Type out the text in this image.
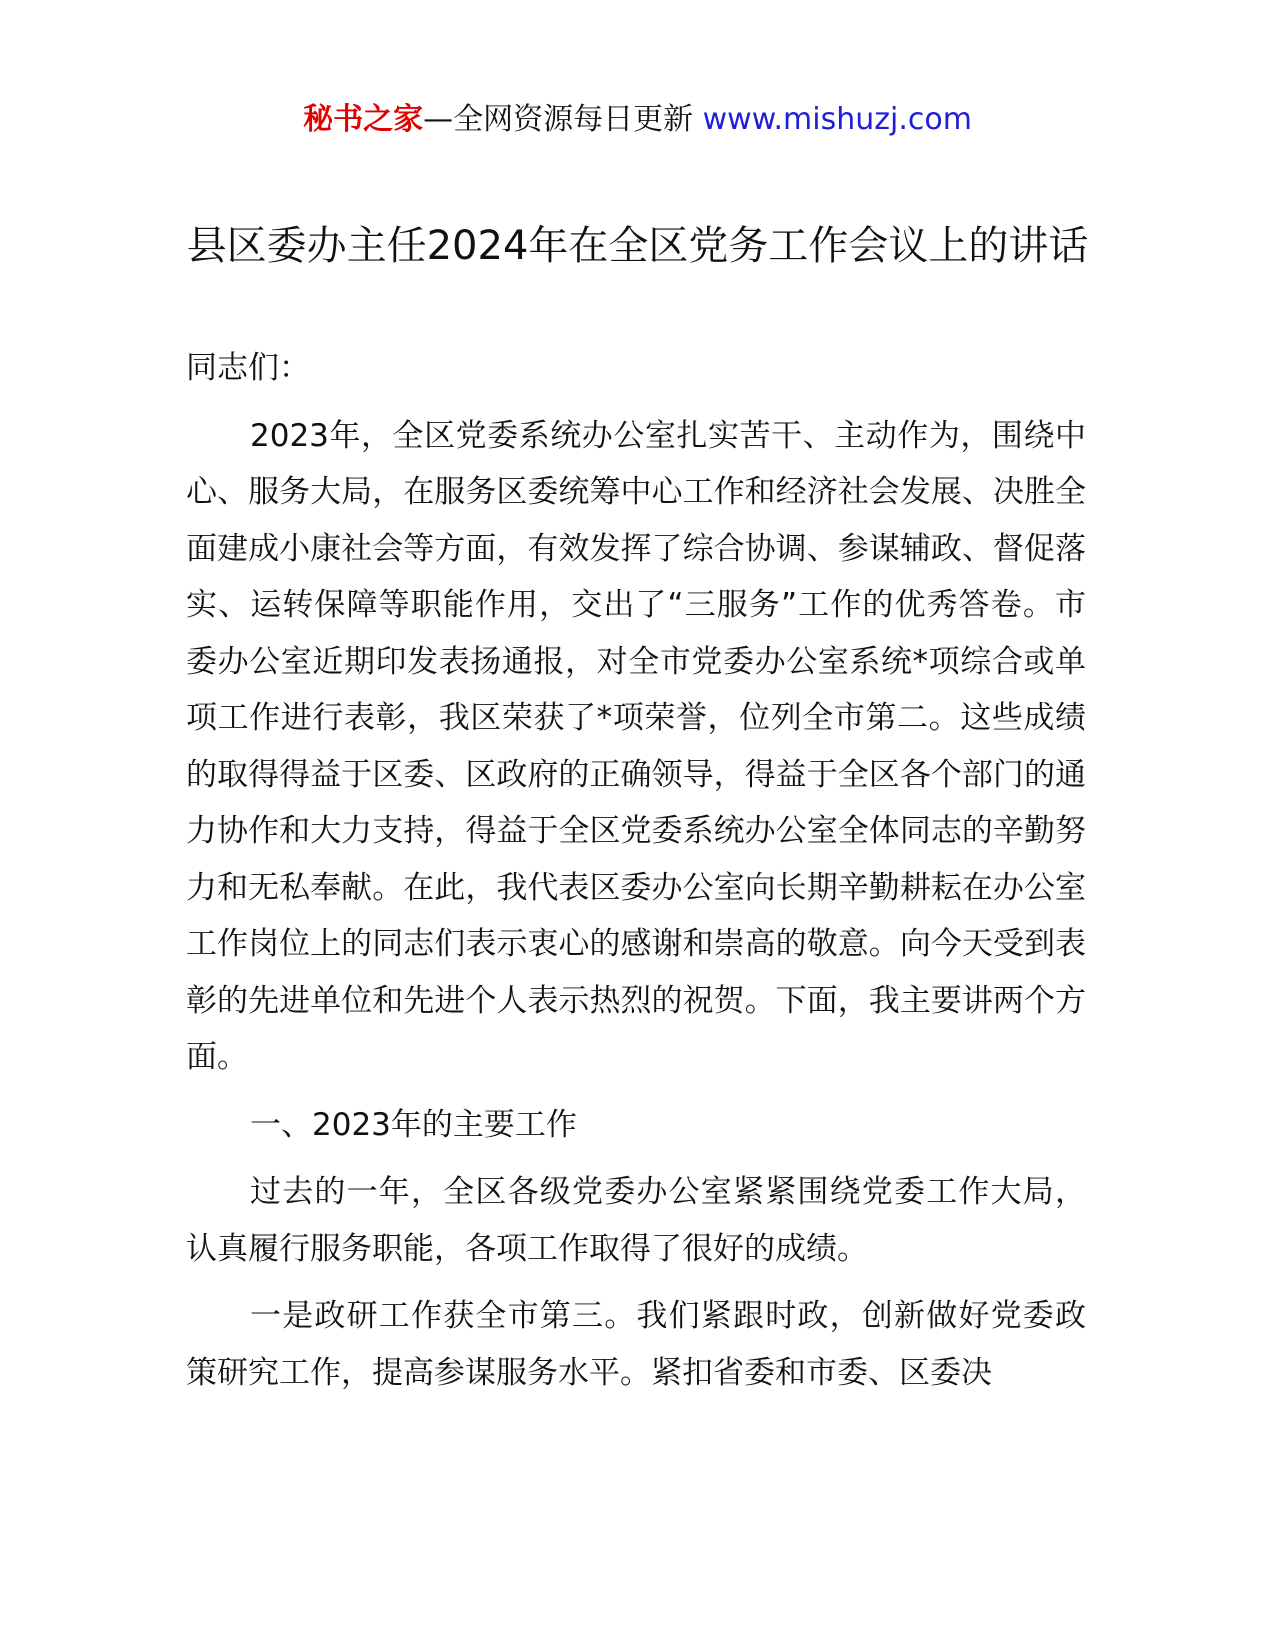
秘书之家—全网资源每日更新 www.mishuzj.com
县区委办主任2024年在全区党务工作会议上的讲话

同志们：

2023年，全区党委系统办公室扎实苦干、主动作为，围绕中心、服务大局，在服务区委统筹中心工作和经济社会发展、决胜全面建成小康社会等方面，有效发挥了综合协调、参谋辅政、督促落实、运转保障等职能作用，交出了“三服务”工作的优秀答卷。市委办公室近期印发表扬通报，对全市党委办公室系统*项综合或单项工作进行表彰，我区荣获了*项荣誉，位列全市第二。这些成绩的取得得益于区委、区政府的正确领导，得益于全区各个部门的通力协作和大力支持，得益于全区党委系统办公室全体同志的辛勤努力和无私奉献。在此，我代表区委办公室向长期辛勤耕耘在办公室工作岗位上的同志们表示衷心的感谢和崇高的敬意。向今天受到表彰的先进单位和先进个人表示热烈的祝贺。下面，我主要讲两个方面。

一、2023年的主要工作

过去的一年，全区各级党委办公室紧紧围绕党委工作大局，认真履行服务职能，各项工作取得了很好的成绩。

一是政研工作获全市第三。我们紧跟时政，创新做好党委政策研究工作，提高参谋服务水平。紧扣省委和市委、区委决
